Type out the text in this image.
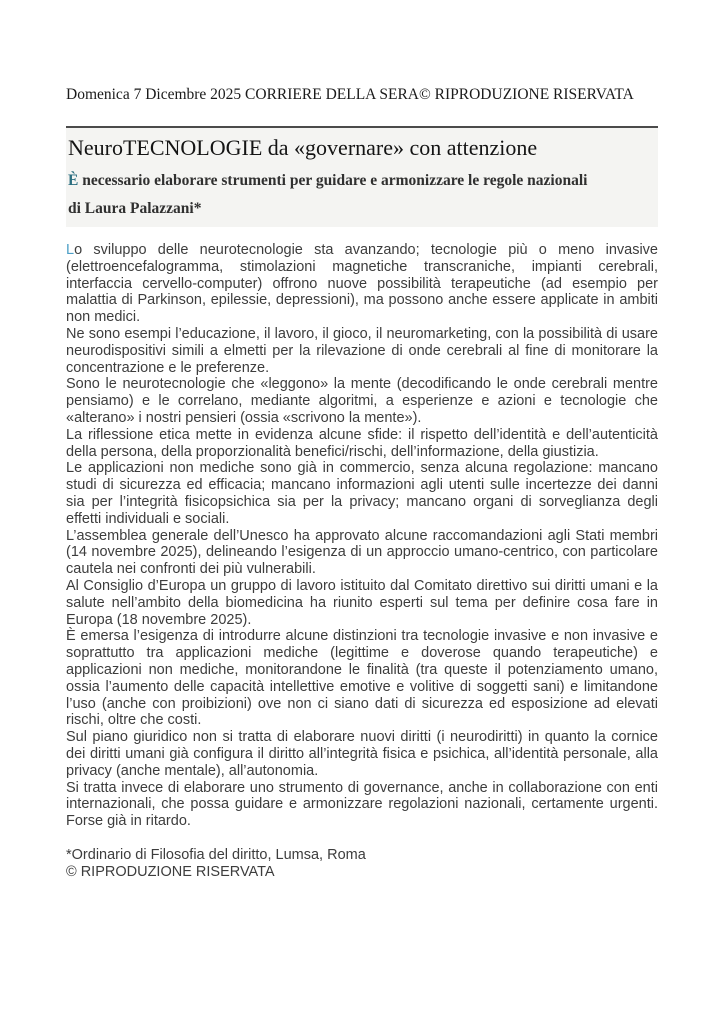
Domenica 7 Dicembre 2025 CORRIERE DELLA SERA© RIPRODUZIONE RISERVATA
NeuroTECNOLOGIE da «governare» con attenzione
È necessario elaborare strumenti per guidare e armonizzare le regole nazionali
di Laura Palazzani*

Lo sviluppo delle neurotecnologie sta avanzando; tecnologie più o meno invasive (elettroencefalogramma, stimolazioni magnetiche transcraniche, impianti cerebrali, interfaccia cervello-computer) offrono nuove possibilità terapeutiche (ad esempio per malattia di Parkinson, epilessie, depressioni), ma possono anche essere applicate in ambiti non medici.

Ne sono esempi l’educazione, il lavoro, il gioco, il neuromarketing, con la possibilità di usare neurodispositivi simili a elmetti per la rilevazione di onde cerebrali al fine di monitorare la concentrazione e le preferenze.

Sono le neurotecnologie che «leggono» la mente (decodificando le onde cerebrali mentre pensiamo) e le correlano, mediante algoritmi, a esperienze e azioni e tecnologie che «alterano» i nostri pensieri (ossia «scrivono la mente»).

La riflessione etica mette in evidenza alcune sfide: il rispetto dell’identità e dell’autenticità della persona, della proporzionalità benefici/rischi, dell’informazione, della giustizia.

Le applicazioni non mediche sono già in commercio, senza alcuna regolazione: mancano studi di sicurezza ed efficacia; mancano informazioni agli utenti sulle incertezze dei danni sia per l’integrità fisicopsichica sia per la privacy; mancano organi di sorveglianza degli effetti individuali e sociali.

L’assemblea generale dell’Unesco ha approvato alcune raccomandazioni agli Stati membri (14 novembre 2025), delineando l’esigenza di un approccio umano-centrico, con particolare cautela nei confronti dei più vulnerabili.

Al Consiglio d’Europa un gruppo di lavoro istituito dal Comitato direttivo sui diritti umani e la salute nell’ambito della biomedicina ha riunito esperti sul tema per definire cosa fare in Europa (18 novembre 2025).

È emersa l’esigenza di introdurre alcune distinzioni tra tecnologie invasive e non invasive e soprattutto tra applicazioni mediche (legittime e doverose quando terapeutiche) e applicazioni non mediche, monitorandone le finalità (tra queste il potenziamento umano, ossia l’aumento delle capacità intellettive emotive e volitive di soggetti sani) e limitandone l’uso (anche con proibizioni) ove non ci siano dati di sicurezza ed esposizione ad elevati rischi, oltre che costi.

Sul piano giuridico non si tratta di elaborare nuovi diritti (i neurodiritti) in quanto la cornice dei diritti umani già configura il diritto all’integrità fisica e psichica, all’identità personale, alla privacy (anche mentale), all’autonomia.

Si tratta invece di elaborare uno strumento di governance, anche in collaborazione con enti internazionali, che possa guidare e armonizzare regolazioni nazionali, certamente urgenti. Forse già in ritardo.

*Ordinario di Filosofia del diritto, Lumsa, Roma

© RIPRODUZIONE RISERVATA
